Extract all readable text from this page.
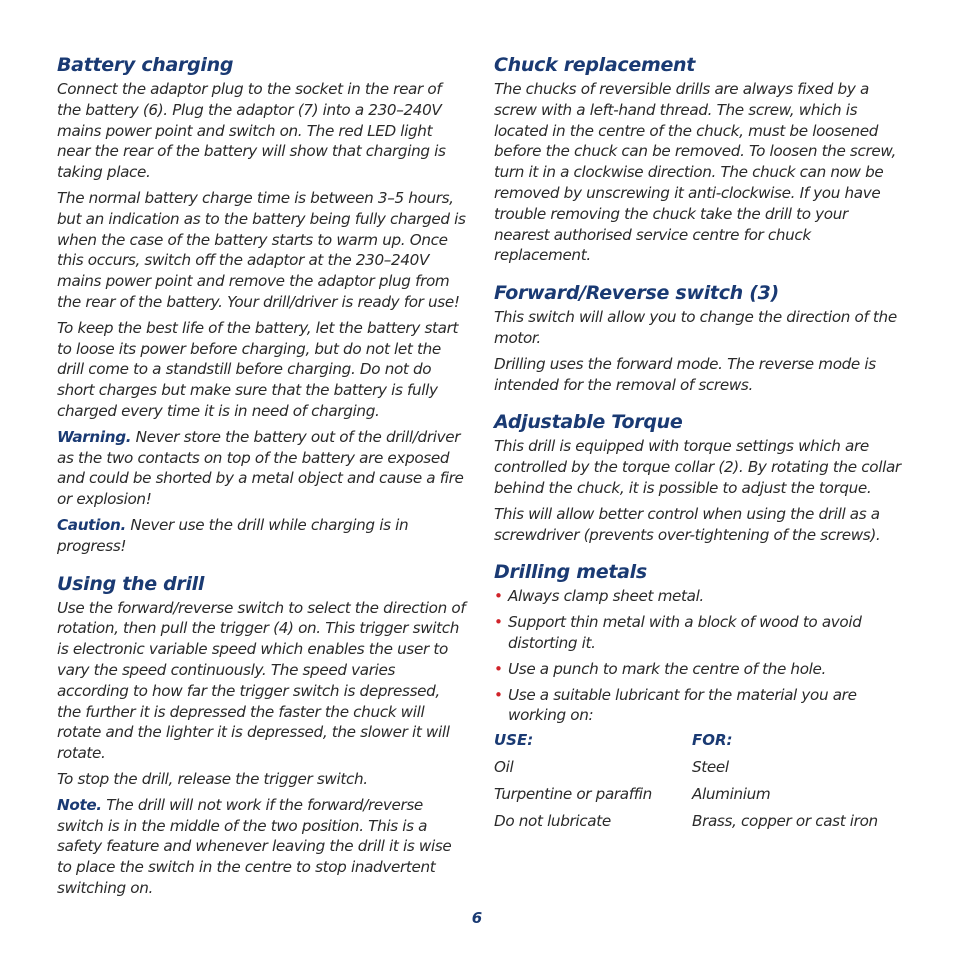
Battery charging

Connect the adaptor plug to the socket in the rear of the battery (6). Plug the adaptor (7) into a 230–240V mains power point and switch on. The red LED light near the rear of the battery will show that charging is taking place.

The normal battery charge time is between 3–5 hours, but an indication as to the battery being fully charged is when the case of the battery starts to warm up. Once this occurs, switch off the adaptor at the 230–240V mains power point and remove the adaptor plug from the rear of the battery. Your drill/driver is ready for use!

To keep the best life of the battery, let the battery start to loose its power before charging, but do not let the drill come to a standstill before charging. Do not do short charges but make sure that the battery is fully charged every time it is in need of charging.

Warning. Never store the battery out of the drill/driver as the two contacts on top of the battery are exposed and could be shorted by a metal object and cause a fire or explosion!

Caution. Never use the drill while charging is in progress!

Using the drill

Use the forward/reverse switch to select the direction of rotation, then pull the trigger (4) on. This trigger switch is electronic variable speed which enables the user to vary the speed continuously. The speed varies according to how far the trigger switch is depressed, the further it is depressed the faster the chuck will rotate and the lighter it is depressed, the slower it will rotate.

To stop the drill, release the trigger switch.

Note. The drill will not work if the forward/reverse switch is in the middle of the two position. This is a safety feature and whenever leaving the drill it is wise to place the switch in the centre to stop inadvertent switching on.

Chuck replacement

The chucks of reversible drills are always fixed by a screw with a left-hand thread. The screw, which is located in the centre of the chuck, must be loosened before the chuck can be removed. To loosen the screw, turn it in a clockwise direction. The chuck can now be removed by unscrewing it anti-clockwise. If you have trouble removing the chuck take the drill to your nearest authorised service centre for chuck replacement.

Forward/Reverse switch (3)

This switch will allow you to change the direction of the motor.

Drilling uses the forward mode. The reverse mode is intended for the removal of screws.

Adjustable Torque

This drill is equipped with torque settings which are controlled by the torque collar (2). By rotating the collar behind the chuck, it is possible to adjust the torque.

This will allow better control when using the drill as a screwdriver (prevents over-tightening of the screws).

Drilling metals
• Always clamp sheet metal.
• Support thin metal with a block of wood to avoid distorting it.
• Use a punch to mark the centre of the hole.
• Use a suitable lubricant for the material you are working on:
USE:	FOR:
Oil	Steel
Turpentine or paraffin	Aluminium
Do not lubricate	Brass, copper or cast iron
6
